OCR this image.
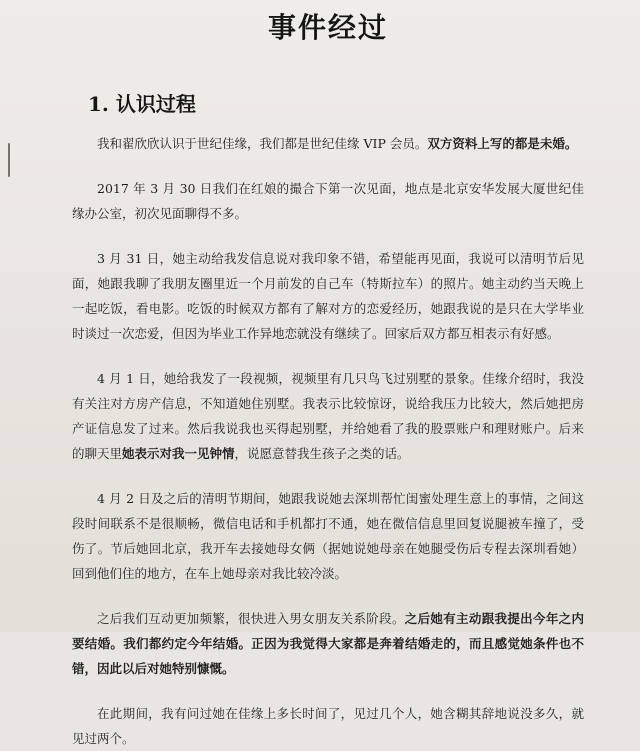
事件经过
1. 认识过程

我和翟欣欣认识于世纪佳缘，我们都是世纪佳缘 VIP 会员。双方资料上写的都是未婚。

2017 年 3 月 30 日我们在红娘的撮合下第一次见面，地点是北京安华发展大厦世纪佳缘办公室，初次见面聊得不多。

3 月 31 日，她主动给我发信息说对我印象不错，希望能再见面，我说可以清明节后见面，她跟我聊了我朋友圈里近一个月前发的自己车（特斯拉车）的照片。她主动约当天晚上一起吃饭，看电影。吃饭的时候双方都有了解对方的恋爱经历，她跟我说的是只在大学毕业时谈过一次恋爱，但因为毕业工作异地恋就没有继续了。回家后双方都互相表示有好感。

4 月 1 日，她给我发了一段视频，视频里有几只鸟飞过别墅的景象。佳缘介绍时，我没有关注对方房产信息，不知道她住别墅。我表示比较惊讶，说给我压力比较大，然后她把房产证信息发了过来。然后我说我也买得起别墅，并给她看了我的股票账户和理财账户。后来的聊天里她表示对我一见钟情，说愿意替我生孩子之类的话。

4 月 2 日及之后的清明节期间，她跟我说她去深圳帮忙闺蜜处理生意上的事情，之间这段时间联系不是很顺畅，微信电话和手机都打不通，她在微信信息里回复说腿被车撞了，受伤了。节后她回北京，我开车去接她母女俩（据她说她母亲在她腿受伤后专程去深圳看她）回到他们住的地方，在车上她母亲对我比较冷淡。

之后我们互动更加频繁，很快进入男女朋友关系阶段。之后她有主动跟我提出今年之内要结婚。我们都约定今年结婚。正因为我觉得大家都是奔着结婚走的，而且感觉她条件也不错，因此以后对她特别慷慨。

在此期间，我有问过她在佳缘上多长时间了，见过几个人，她含糊其辞地说没多久，就见过两个。
